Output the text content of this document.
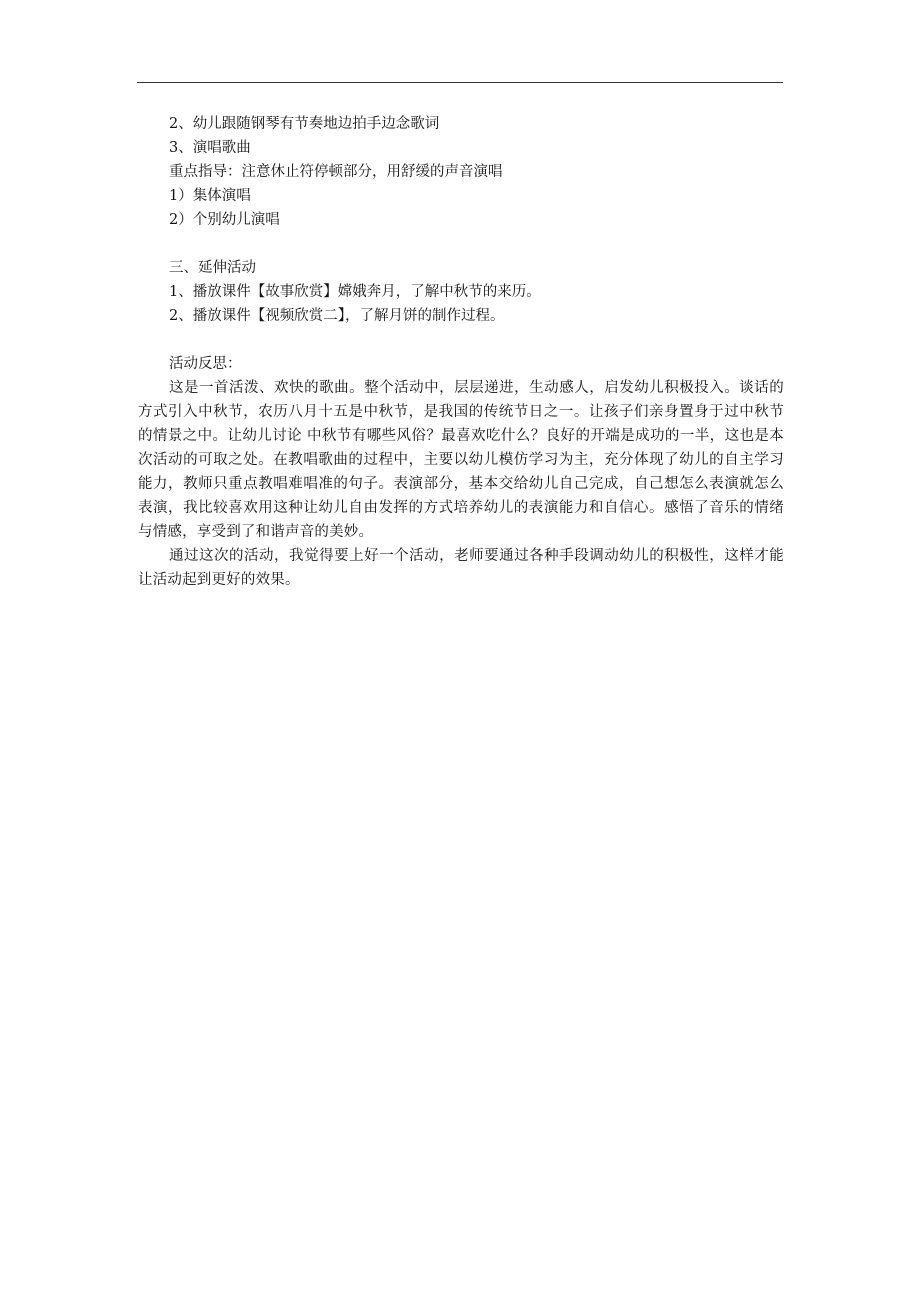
2、幼儿跟随钢琴有节奏地边拍手边念歌词

3、演唱歌曲

重点指导：注意休止符停顿部分，用舒缓的声音演唱

1）集体演唱

2）个别幼儿演唱

三、延伸活动

1、播放课件【故事欣赏】嫦娥奔月，了解中秋节的来历。

2、播放课件【视频欣赏二】，了解月饼的制作过程。

活动反思：

这是一首活泼、欢快的歌曲。整个活动中，层层递进，生动感人，启发幼儿积极投入。谈话的方式引入中秋节，农历八月十五是中秋节，是我国的传统节日之一。让孩子们亲身置身于过中秋节的情景之中。让幼儿讨论 中秋节有哪些风俗？最喜欢吃什么？良好的开端是成功的一半，这也是本次活动的可取之处。在教唱歌曲的过程中，主要以幼儿模仿学习为主，充分体现了幼儿的自主学习能力，教师只重点教唱难唱准的句子。表演部分，基本交给幼儿自己完成，自己想怎么表演就怎么表演，我比较喜欢用这种让幼儿自由发挥的方式培养幼儿的表演能力和自信心。感悟了音乐的情绪与情感，享受到了和谐声音的美妙。

通过这次的活动，我觉得要上好一个活动，老师要通过各种手段调动幼儿的积极性，这样才能让活动起到更好的效果。
